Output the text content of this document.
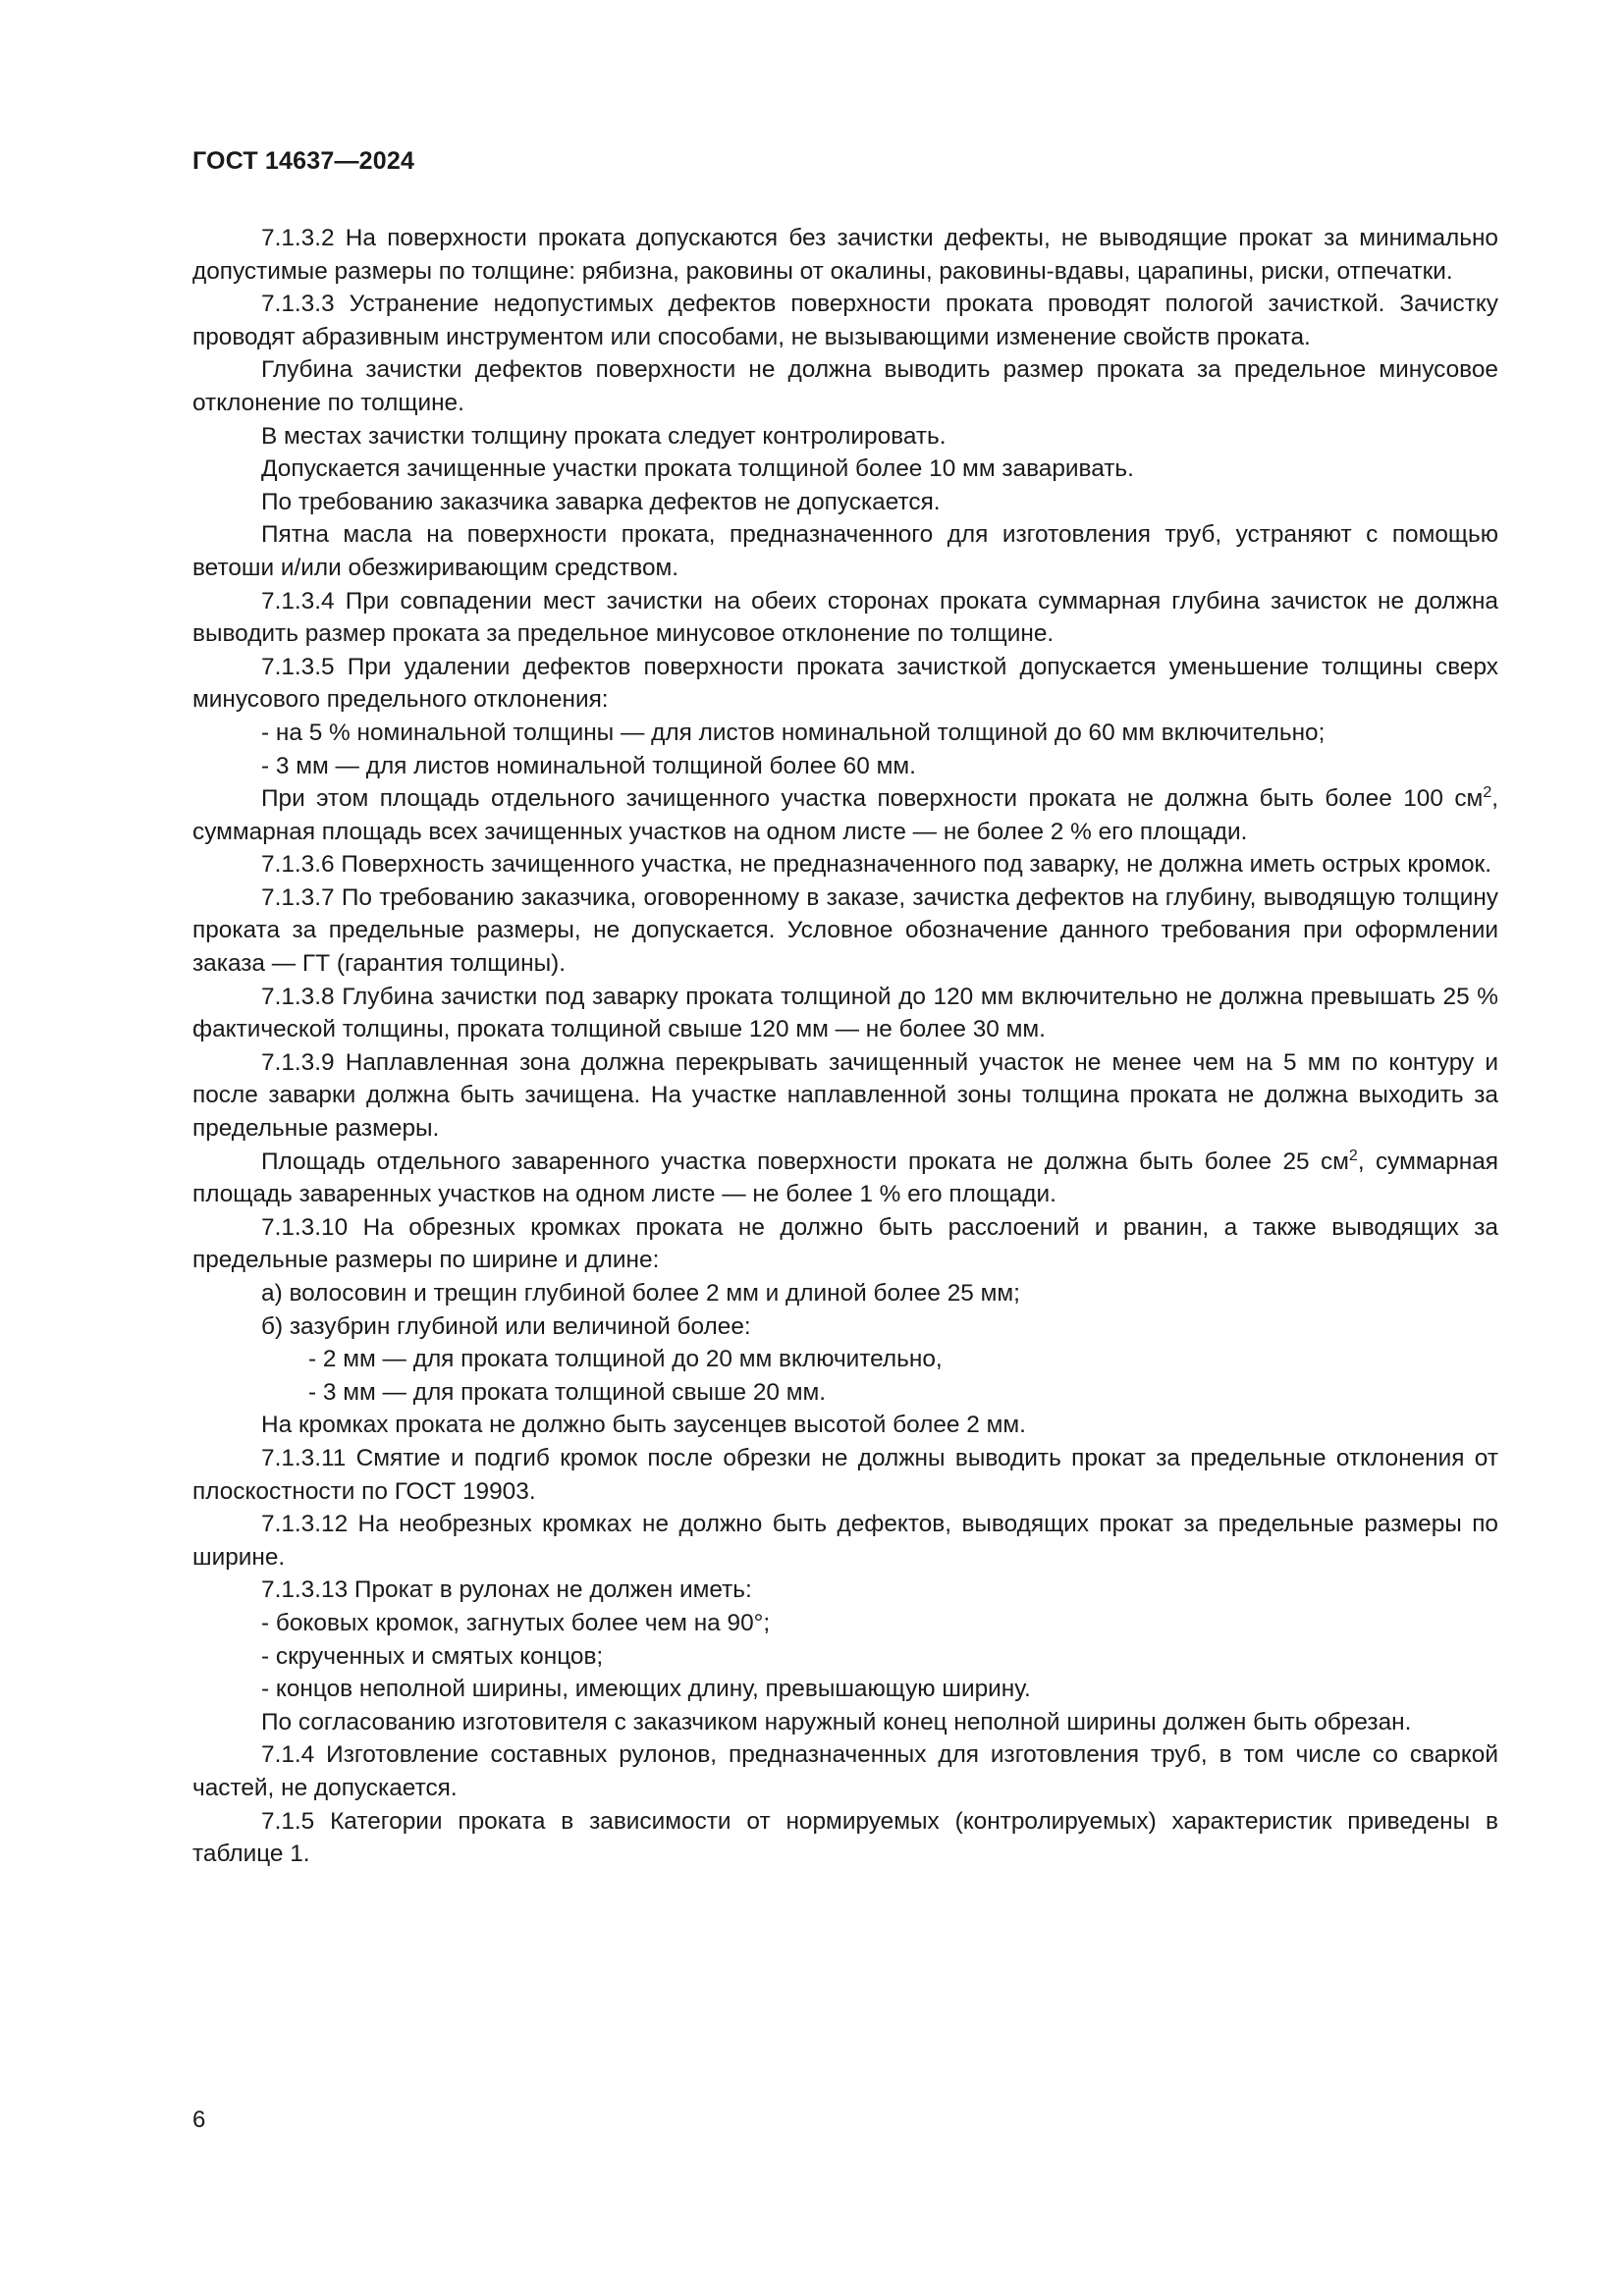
ГОСТ 14637—2024

7.1.3.2 На поверхности проката допускаются без зачистки дефекты, не выводящие прокат за минимально допустимые размеры по толщине: рябизна, раковины от окалины, раковины-вдавы, царапины, риски, отпечатки.

7.1.3.3 Устранение недопустимых дефектов поверхности проката проводят пологой зачисткой. Зачистку проводят абразивным инструментом или способами, не вызывающими изменение свойств проката.

Глубина зачистки дефектов поверхности не должна выводить размер проката за предельное минусовое отклонение по толщине.

В местах зачистки толщину проката следует контролировать.

Допускается зачищенные участки проката толщиной более 10 мм заваривать.

По требованию заказчика заварка дефектов не допускается.

Пятна масла на поверхности проката, предназначенного для изготовления труб, устраняют с помощью ветоши и/или обезжиривающим средством.

7.1.3.4 При совпадении мест зачистки на обеих сторонах проката суммарная глубина зачисток не должна выводить размер проката за предельное минусовое отклонение по толщине.

7.1.3.5 При удалении дефектов поверхности проката зачисткой допускается уменьшение толщины сверх минусового предельного отклонения:

- на 5 % номинальной толщины — для листов номинальной толщиной до 60 мм включительно;

- 3 мм — для листов номинальной толщиной более 60 мм.

При этом площадь отдельного зачищенного участка поверхности проката не должна быть более 100 $см^2$, суммарная площадь всех зачищенных участков на одном листе — не более 2 % его площади.

7.1.3.6 Поверхность зачищенного участка, не предназначенного под заварку, не должна иметь острых кромок.

7.1.3.7 По требованию заказчика, оговоренному в заказе, зачистка дефектов на глубину, выводящую толщину проката за предельные размеры, не допускается. Условное обозначение данного требования при оформлении заказа — ГТ (гарантия толщины).

7.1.3.8 Глубина зачистки под заварку проката толщиной до 120 мм включительно не должна превышать 25 % фактической толщины, проката толщиной свыше 120 мм — не более 30 мм.

7.1.3.9 Наплавленная зона должна перекрывать зачищенный участок не менее чем на 5 мм по контуру и после заварки должна быть зачищена. На участке наплавленной зоны толщина проката не должна выходить за предельные размеры.

Площадь отдельного заваренного участка поверхности проката не должна быть более 25 $см^2$, суммарная площадь заваренных участков на одном листе — не более 1 % его площади.

7.1.3.10 На обрезных кромках проката не должно быть расслоений и рванин, а также выводящих за предельные размеры по ширине и длине:

а) волосовин и трещин глубиной более 2 мм и длиной более 25 мм;

б) зазубрин глубиной или величиной более:

- 2 мм — для проката толщиной до 20 мм включительно,

- 3 мм — для проката толщиной свыше 20 мм.

На кромках проката не должно быть заусенцев высотой более 2 мм.

7.1.3.11 Смятие и подгиб кромок после обрезки не должны выводить прокат за предельные отклонения от плоскостности по ГОСТ 19903.

7.1.3.12 На необрезных кромках не должно быть дефектов, выводящих прокат за предельные размеры по ширине.

7.1.3.13 Прокат в рулонах не должен иметь:

- боковых кромок, загнутых более чем на 90°;

- скрученных и смятых концов;

- концов неполной ширины, имеющих длину, превышающую ширину.

По согласованию изготовителя с заказчиком наружный конец неполной ширины должен быть обрезан.

7.1.4 Изготовление составных рулонов, предназначенных для изготовления труб, в том числе со сваркой частей, не допускается.

7.1.5 Категории проката в зависимости от нормируемых (контролируемых) характеристик приведены в таблице 1.

6
